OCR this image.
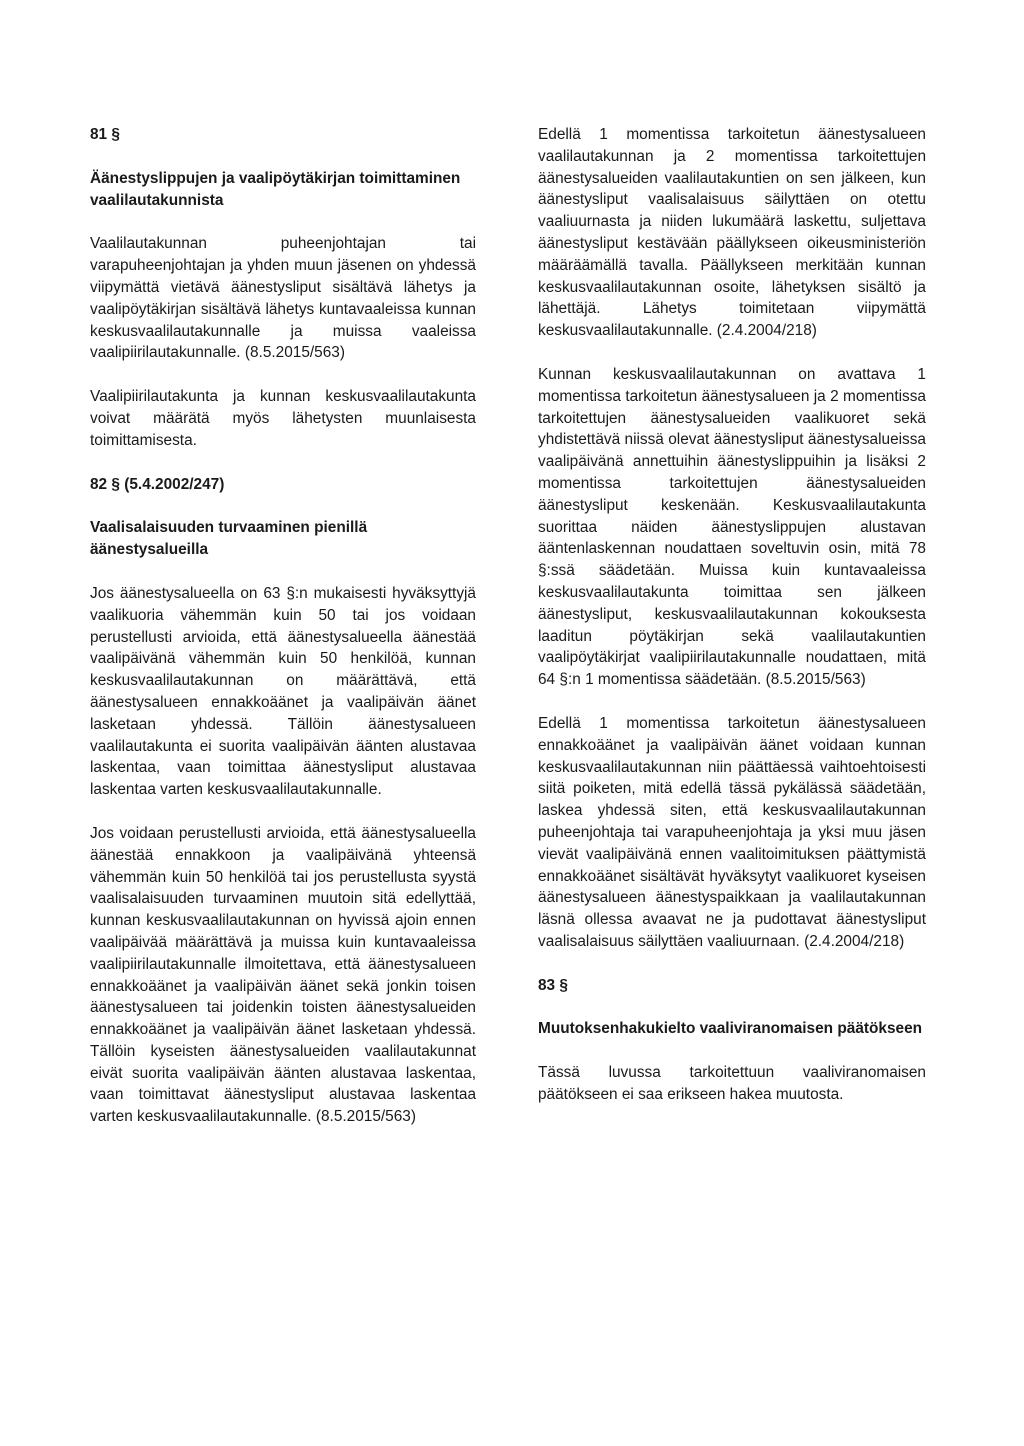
81 §
Äänestyslippujen ja vaalipöytäkirjan toimittaminen vaalilautakunnista

Vaalilautakunnan puheenjohtajan tai varapuheenjohtajan ja yhden muun jäsenen on yhdessä viipymättä vietävä äänestysliput sisältävä lähetys ja vaalipöytäkirjan sisältävä lähetys kuntavaaleissa kunnan keskusvaalilautakunnalle ja muissa vaaleissa vaalipiirilautakunnalle. (8.5.2015/563)

Vaalipiirilautakunta ja kunnan keskusvaalilautakunta voivat määrätä myös lähetysten muunlaisesta toimittamisesta.

82 § (5.4.2002/247)
Vaalisalaisuuden turvaaminen pienillä äänestysalueilla

Jos äänestysalueella on 63 §:n mukaisesti hyväksyttyjä vaalikuoria vähemmän kuin 50 tai jos voidaan perustellusti arvioida, että äänestysalueella äänestää vaalipäivänä vähemmän kuin 50 henkilöä, kunnan keskusvaalilautakunnan on määrättävä, että äänestysalueen ennakkoäänet ja vaalipäivän äänet lasketaan yhdessä. Tällöin äänestysalueen vaalilautakunta ei suorita vaalipäivän äänten alustavaa laskentaa, vaan toimittaa äänestysliput alustavaa laskentaa varten keskusvaalilautakunnalle.

Jos voidaan perustellusti arvioida, että äänestysalueella äänestää ennakkoon ja vaalipäivänä yhteensä vähemmän kuin 50 henkilöä tai jos perustellusta syystä vaalisalaisuuden turvaaminen muutoin sitä edellyttää, kunnan keskusvaalilautakunnan on hyvissä ajoin ennen vaalipäivää määrättävä ja muissa kuin kuntavaaleissa vaalipiirilautakunnalle ilmoitettava, että äänestysalueen ennakkoäänet ja vaalipäivän äänet sekä jonkin toisen äänestysalueen tai joidenkin toisten äänestysalueiden ennakkoäänet ja vaalipäivän äänet lasketaan yhdessä. Tällöin kyseisten äänestysalueiden vaalilautakunnat eivät suorita vaalipäivän äänten alustavaa laskentaa, vaan toimittavat äänestysliput alustavaa laskentaa varten keskusvaalilautakunnalle. (8.5.2015/563)

Edellä 1 momentissa tarkoitetun äänestysalueen vaalilautakunnan ja 2 momentissa tarkoitettujen äänestysalueiden vaalilautakuntien on sen jälkeen, kun äänestysliput vaalisalaisuus säilyttäen on otettu vaaliuurnasta ja niiden lukumäärä laskettu, suljettava äänestysliput kestävään päällykseen oikeusministeriön määräämällä tavalla. Päällykseen merkitään kunnan keskusvaalilautakunnan osoite, lähetyksen sisältö ja lähettäjä. Lähetys toimitetaan viipymättä keskusvaalilautakunnalle. (2.4.2004/218)

Kunnan keskusvaalilautakunnan on avattava 1 momentissa tarkoitetun äänestysalueen ja 2 momentissa tarkoitettujen äänestysalueiden vaalikuoret sekä yhdistettävä niissä olevat äänestysliput äänestysalueissa vaalipäivänä annettuihin äänestyslippuihin ja lisäksi 2 momentissa tarkoitettujen äänestysalueiden äänestysliput keskenään. Keskusvaalilautakunta suorittaa näiden äänestyslippujen alustavan ääntenlaskennan noudattaen soveltuvin osin, mitä 78 §:ssä säädetään. Muissa kuin kuntavaaleissa keskusvaalilautakunta toimittaa sen jälkeen äänestysliput, keskusvaalilautakunnan kokouksesta laaditun pöytäkirjan sekä vaalilautakuntien vaalipöytäkirjat vaalipiirilautakunnalle noudattaen, mitä 64 §:n 1 momentissa säädetään. (8.5.2015/563)

Edellä 1 momentissa tarkoitetun äänestysalueen ennakkoäänet ja vaalipäivän äänet voidaan kunnan keskusvaalilautakunnan niin päättäessä vaihtoehtoisesti siitä poiketen, mitä edellä tässä pykälässä säädetään, laskea yhdessä siten, että keskusvaalilautakunnan puheenjohtaja tai varapuheenjohtaja ja yksi muu jäsen vievät vaalipäivänä ennen vaalitoimituksen päättymistä ennakkoäänet sisältävät hyväksytyt vaalikuoret kyseisen äänestysalueen äänestyspaikkaan ja vaalilautakunnan läsnä ollessa avaavat ne ja pudottavat äänestysliput vaalisalaisuus säilyttäen vaaliuurnaan. (2.4.2004/218)

83 §
Muutoksenhakukielto vaaliviranomaisen päätökseen

Tässä luvussa tarkoitettuun vaaliviranomaisen päätökseen ei saa erikseen hakea muutosta.
